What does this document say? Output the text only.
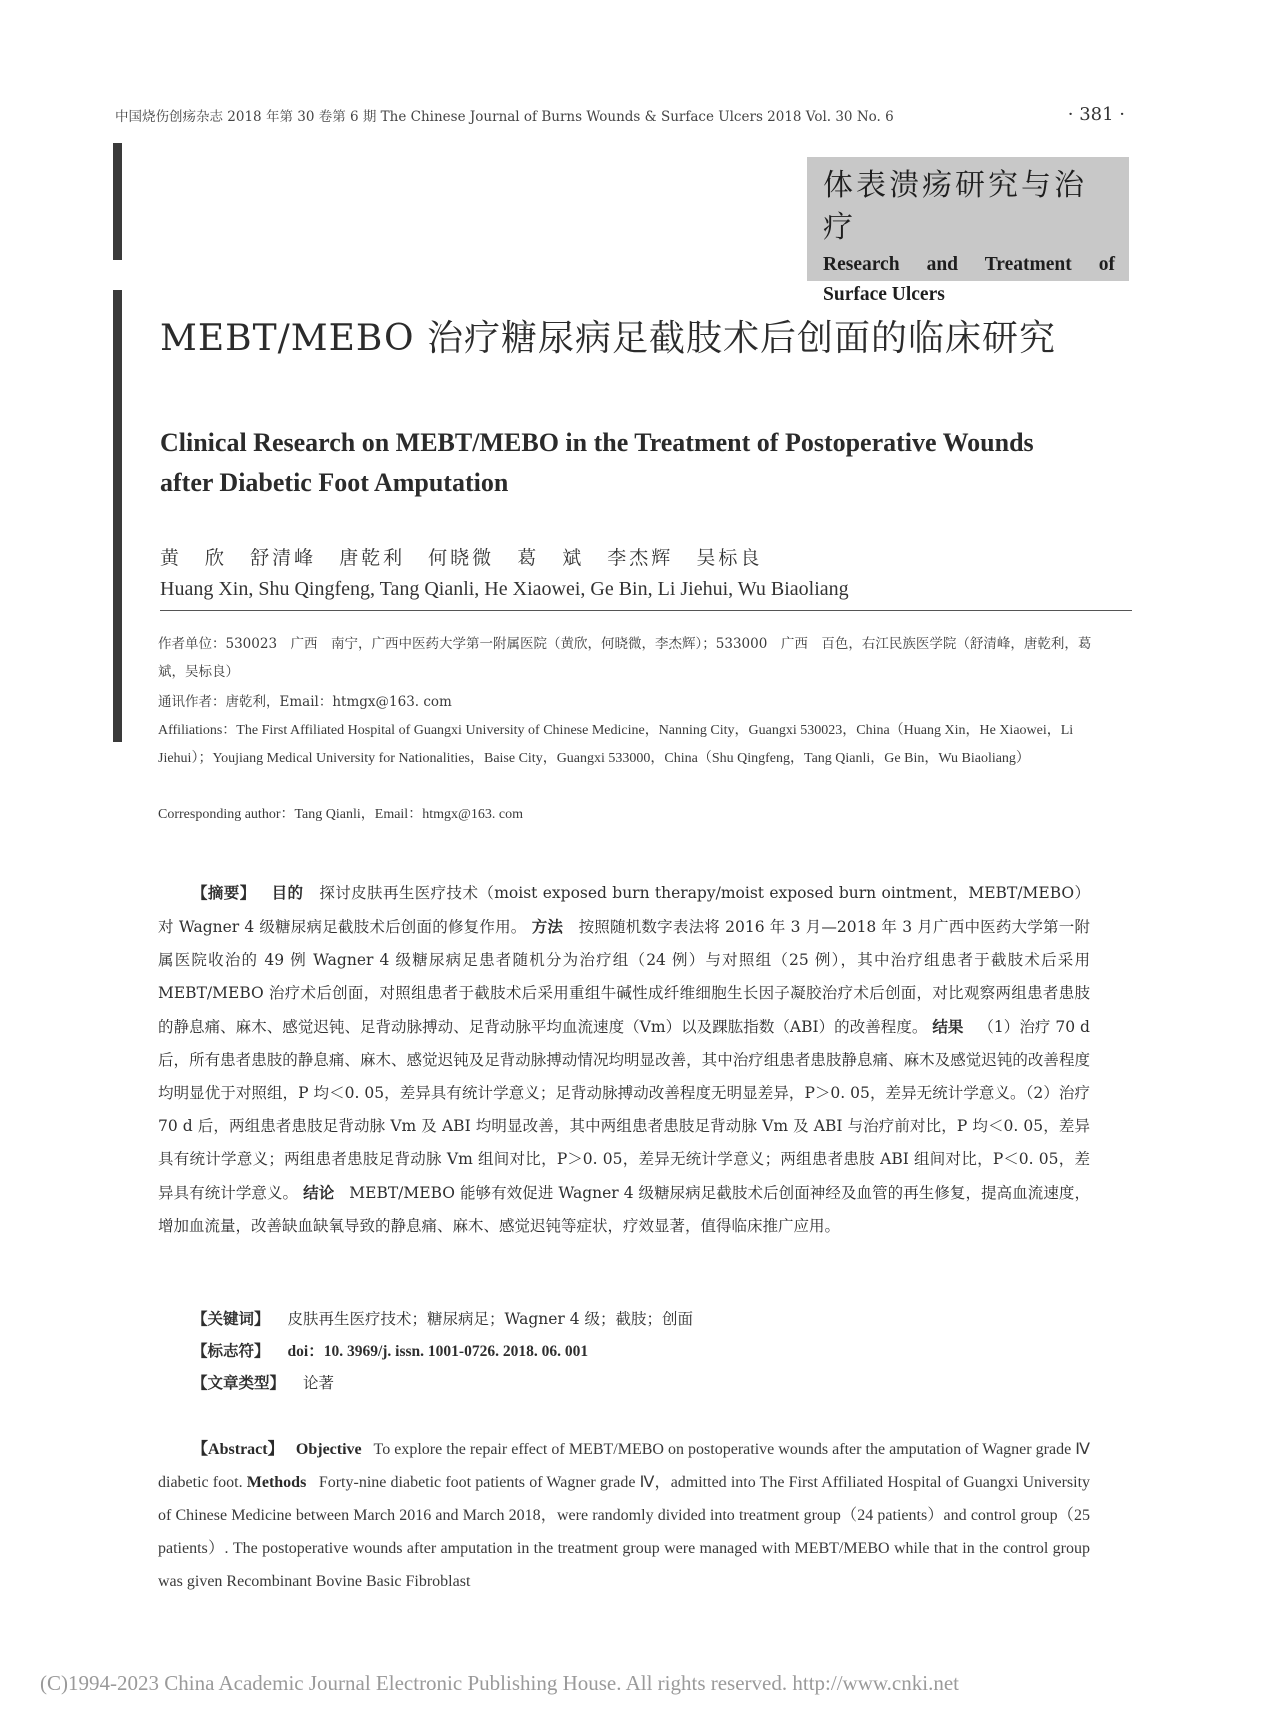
中国烧伤创疡杂志 2018 年第 30 卷第 6 期 The Chinese Journal of Burns Wounds & Surface Ulcers 2018 Vol. 30 No. 6	· 381 ·
体表溃疡研究与治疗
Research and Treatment of
Surface Ulcers
MEBT/MEBO 治疗糖尿病足截肢术后创面的临床研究
Clinical Research on MEBT/MEBO in the Treatment of Postoperative Wounds after Diabetic Foot Amputation
黄 欣 舒清峰 唐乾利 何晓微 葛 斌 李杰辉 吴标良
Huang Xin, Shu Qingfeng, Tang Qianli, He Xiaowei, Ge Bin, Li Jiehui, Wu Biaoliang
作者单位：530023　广西　南宁，广西中医药大学第一附属医院（黄欣，何晓微，李杰辉）；533000　广西　百色，右江民族医学院（舒清峰，唐乾利，葛斌，吴标良）
通讯作者：唐乾利，Email：htmgx@163. com
Affiliations：The First Affiliated Hospital of Guangxi University of Chinese Medicine，Nanning City，Guangxi 530023，China（Huang Xin，He Xiaowei，Li Jiehui）；Youjiang Medical University for Nationalities，Baise City，Guangxi 533000，China（Shu Qingfeng，Tang Qianli，Ge Bin，Wu Biaoliang）
Corresponding author：Tang Qianli，Email：htmgx@163. com
【摘要】 目的 探讨皮肤再生医疗技术（moist exposed burn therapy/moist exposed burn ointment，MEBT/MEBO）对 Wagner 4 级糖尿病足截肢术后创面的修复作用。 方法 按照随机数字表法将 2016 年 3 月—2018 年 3 月广西中医药大学第一附属医院收治的 49 例 Wagner 4 级糖尿病足患者随机分为治疗组（24 例）与对照组（25 例），其中治疗组患者于截肢术后采用 MEBT/MEBO 治疗术后创面，对照组患者于截肢术后采用重组牛碱性成纤维细胞生长因子凝胶治疗术后创面，对比观察两组患者患肢的静息痛、麻木、感觉迟钝、足背动脉搏动、足背动脉平均血流速度（Vm）以及踝肱指数（ABI）的改善程度。 结果 （1）治疗 70 d 后，所有患者患肢的静息痛、麻木、感觉迟钝及足背动脉搏动情况均明显改善，其中治疗组患者患肢静息痛、麻木及感觉迟钝的改善程度均明显优于对照组，P 均＜0. 05，差异具有统计学意义；足背动脉搏动改善程度无明显差异，P＞0. 05，差异无统计学意义。（2）治疗 70 d 后，两组患者患肢足背动脉 Vm 及 ABI 均明显改善，其中两组患者患肢足背动脉 Vm 及 ABI 与治疗前对比，P 均＜0. 05，差异具有统计学意义；两组患者患肢足背动脉 Vm 组间对比，P＞0. 05，差异无统计学意义；两组患者患肢 ABI 组间对比，P＜0. 05，差异具有统计学意义。 结论 MEBT/MEBO 能够有效促进 Wagner 4 级糖尿病足截肢术后创面神经及血管的再生修复，提高血流速度，增加血流量，改善缺血缺氧导致的静息痛、麻木、感觉迟钝等症状，疗效显著，值得临床推广应用。
【关键词】 皮肤再生医疗技术；糖尿病足；Wagner 4 级；截肢；创面
【标志符】 doi：10. 3969/j. issn. 1001-0726. 2018. 06. 001
【文章类型】 论著
【Abstract】 Objective To explore the repair effect of MEBT/MEBO on postoperative wounds after the amputation of Wagner grade Ⅳ diabetic foot. Methods Forty-nine diabetic foot patients of Wagner grade Ⅳ，admitted into The First Affiliated Hospital of Guangxi University of Chinese Medicine between March 2016 and March 2018，were randomly divided into treatment group（24 patients）and control group（25 patients）. The postoperative wounds after amputation in the treatment group were managed with MEBT/MEBO while that in the control group was given Recombinant Bovine Basic Fibroblast
(C)1994-2023 China Academic Journal Electronic Publishing House. All rights reserved. http://www.cnki.net
